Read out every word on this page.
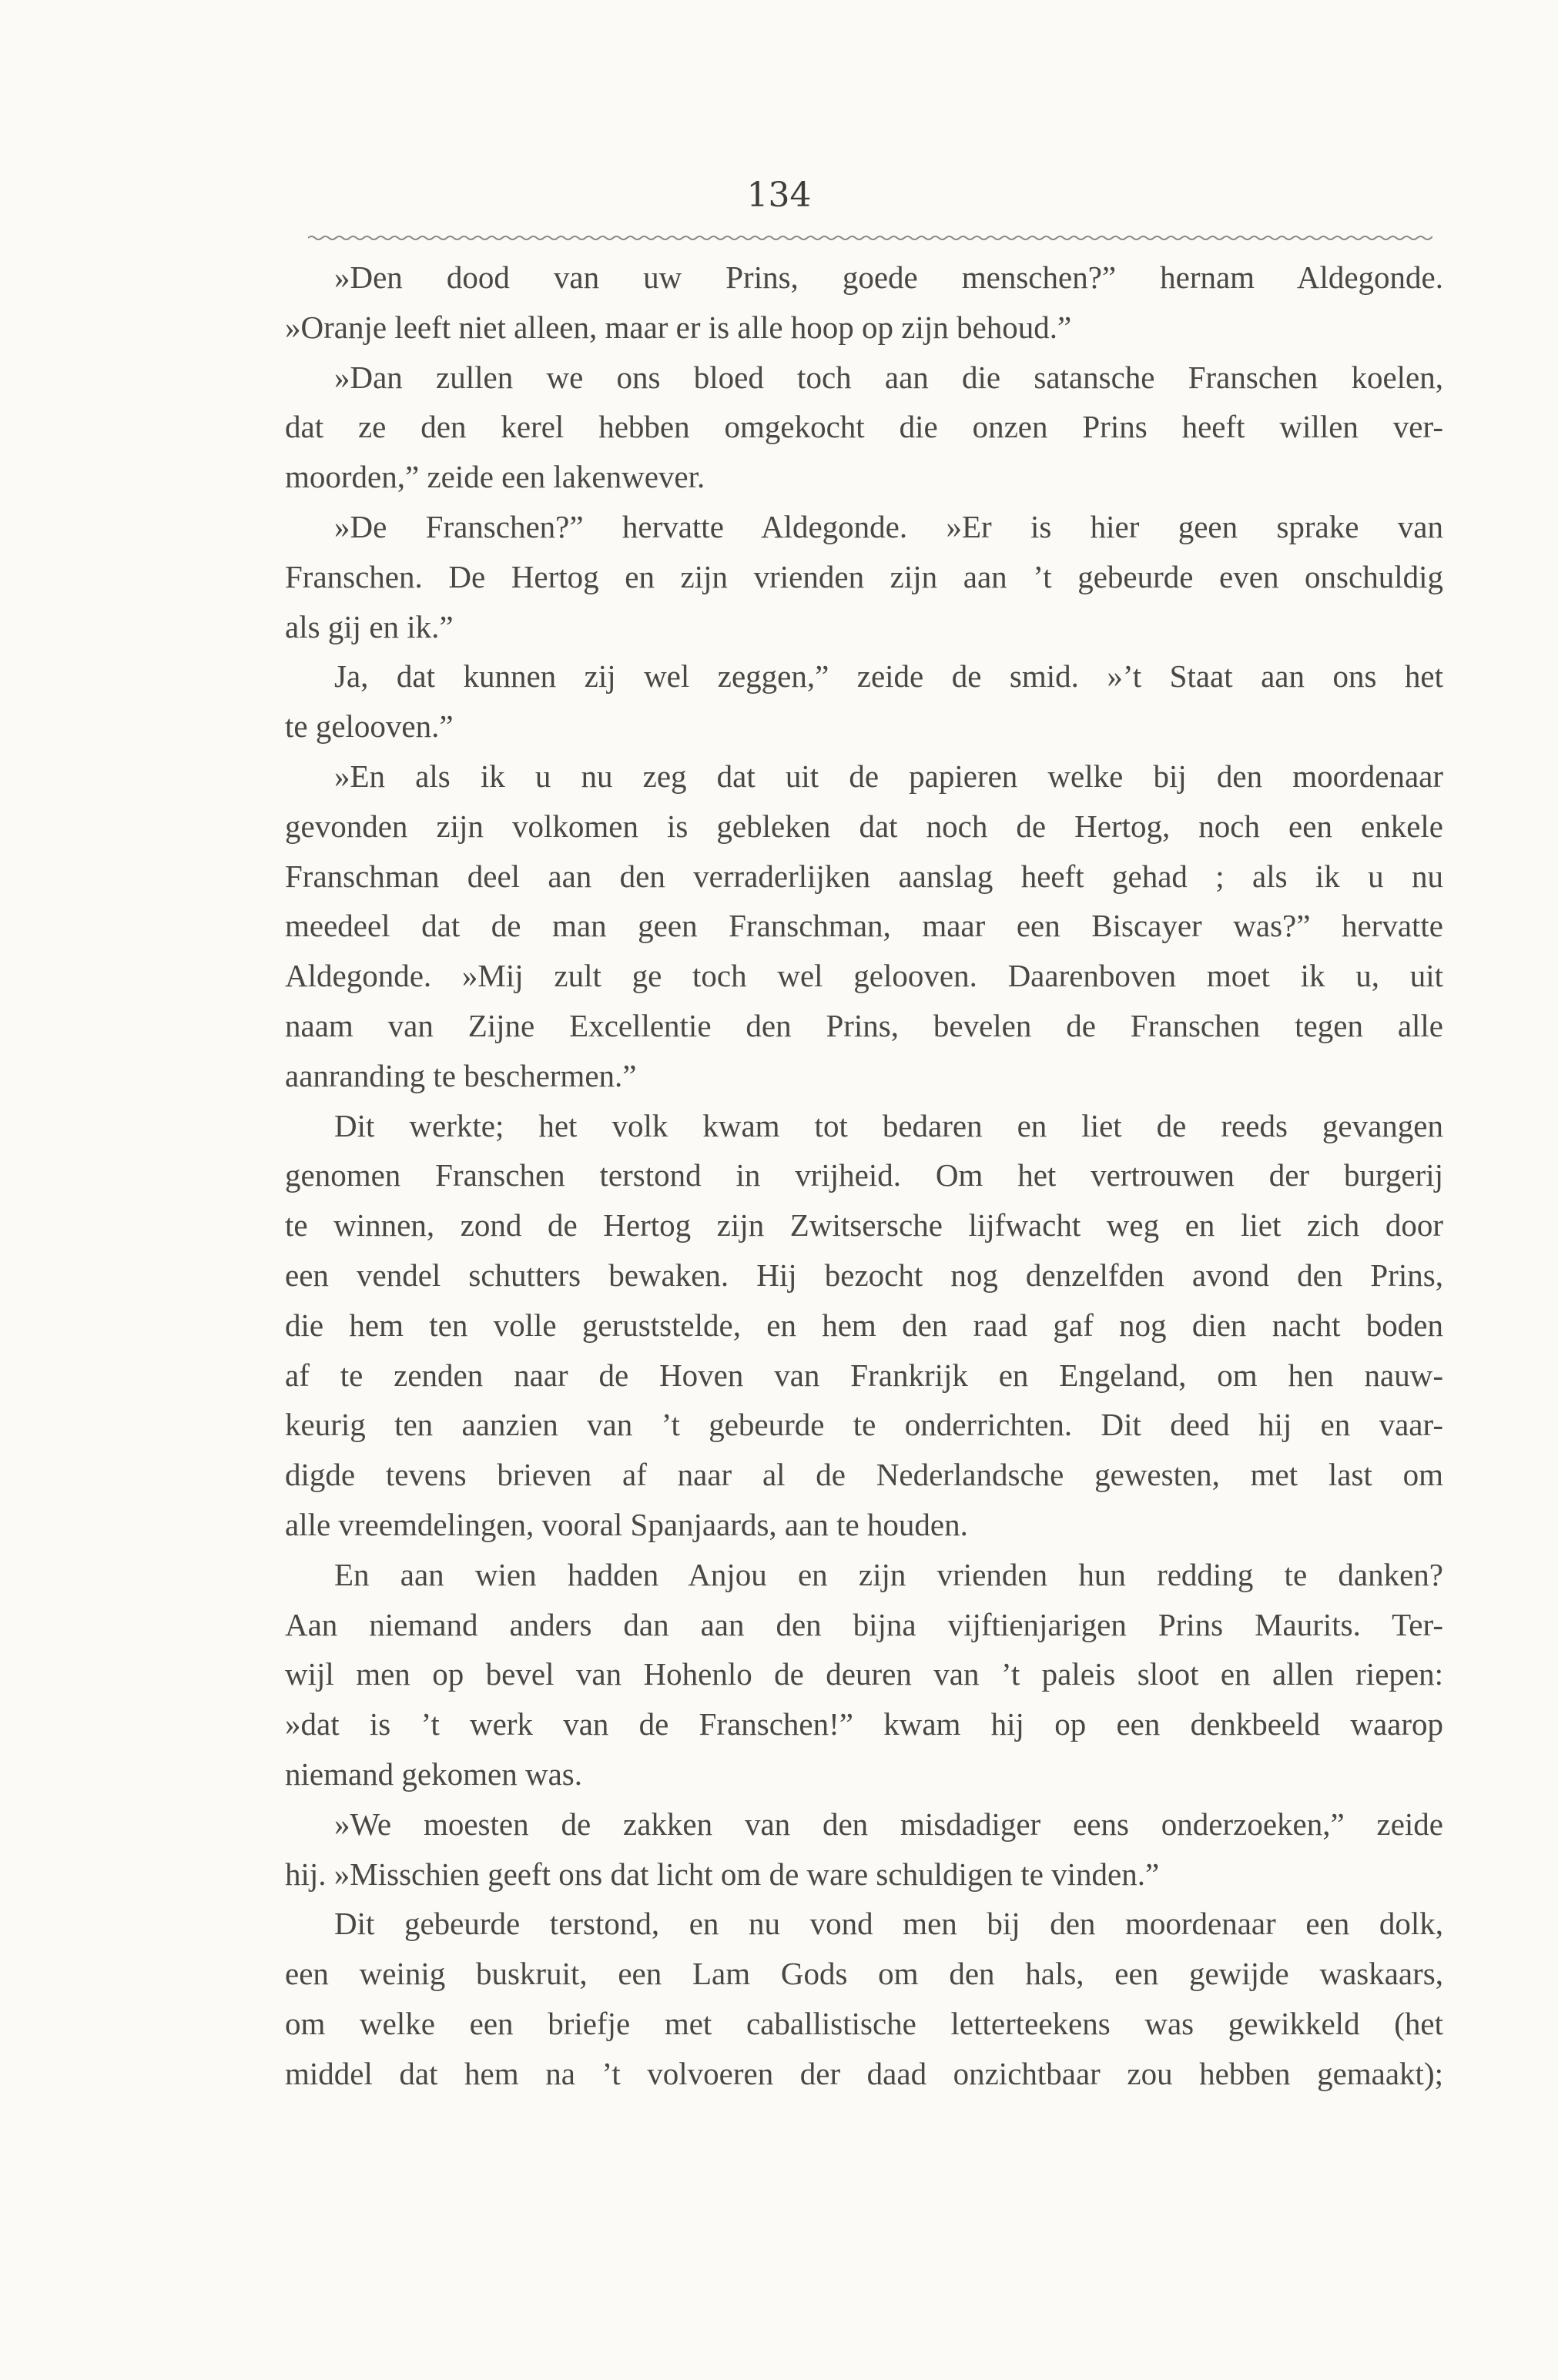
134
»Den dood van uw Prins, goede menschen?” hernam Aldegonde.
»Oranje leeft niet alleen, maar er is alle hoop op zijn behoud.”
»Dan zullen we ons bloed toch aan die satansche Franschen koelen,
dat ze den kerel hebben omgekocht die onzen Prins heeft willen ver-
moorden,” zeide een lakenwever.
»De Franschen?” hervatte Aldegonde. »Er is hier geen sprake van
Franschen. De Hertog en zijn vrienden zijn aan ’t gebeurde even onschuldig
als gij en ik.”
Ja, dat kunnen zij wel zeggen,” zeide de smid. »’t Staat aan ons het
te gelooven.”
»En als ik u nu zeg dat uit de papieren welke bij den moordenaar
gevonden zijn volkomen is gebleken dat noch de Hertog, noch een enkele
Franschman deel aan den verraderlijken aanslag heeft gehad ; als ik u nu
meedeel dat de man geen Franschman, maar een Biscayer was?” hervatte
Aldegonde. »Mij zult ge toch wel gelooven. Daarenboven moet ik u, uit
naam van Zijne Excellentie den Prins, bevelen de Franschen tegen alle
aanranding te beschermen.”
Dit werkte; het volk kwam tot bedaren en liet de reeds gevangen
genomen Franschen terstond in vrijheid. Om het vertrouwen der burgerij
te winnen, zond de Hertog zijn Zwitsersche lijfwacht weg en liet zich door
een vendel schutters bewaken. Hij bezocht nog denzelfden avond den Prins,
die hem ten volle geruststelde, en hem den raad gaf nog dien nacht boden
af te zenden naar de Hoven van Frankrijk en Engeland, om hen nauw-
keurig ten aanzien van ’t gebeurde te onderrichten. Dit deed hij en vaar-
digde tevens brieven af naar al de Nederlandsche gewesten, met last om
alle vreemdelingen, vooral Spanjaards, aan te houden.
En aan wien hadden Anjou en zijn vrienden hun redding te danken?
Aan niemand anders dan aan den bijna vijftienjarigen Prins Maurits. Ter-
wijl men op bevel van Hohenlo de deuren van ’t paleis sloot en allen riepen:
»dat is ’t werk van de Franschen!” kwam hij op een denkbeeld waarop
niemand gekomen was.
»We moesten de zakken van den misdadiger eens onderzoeken,” zeide
hij. »Misschien geeft ons dat licht om de ware schuldigen te vinden.”
Dit gebeurde terstond, en nu vond men bij den moordenaar een dolk,
een weinig buskruit, een Lam Gods om den hals, een gewijde waskaars,
om welke een briefje met caballistische letterteekens was gewikkeld (het
middel dat hem na ’t volvoeren der daad onzichtbaar zou hebben gemaakt);
